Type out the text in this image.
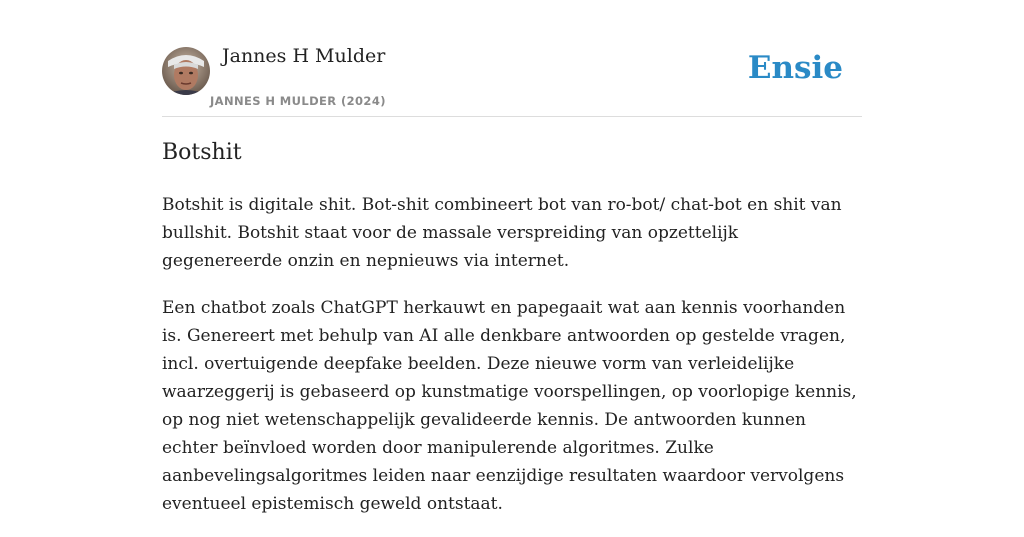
Jannes H Mulder
JANNES H MULDER (2024)
Ensie
Botshit

Botshit is digitale shit. Bot-shit combineert bot van ro-bot/ chat-bot en shit van bullshit. Botshit staat voor de massale verspreiding van opzettelijk gegenereerde onzin en nepnieuws via internet.

Een chatbot zoals ChatGPT herkauwt en papegaait wat aan kennis voorhanden is. Genereert met behulp van AI alle denkbare antwoorden op gestelde vragen, incl. overtuigende deepfake beelden. Deze nieuwe vorm van verleidelijke waarzeggerij is gebaseerd op kunstmatige voorspellingen, op voorlopige kennis, op nog niet wetenschappelijk gevalideerde kennis. De antwoorden kunnen echter beïnvloed worden door manipulerende algoritmes. Zulke aanbevelingsalgoritmes leiden naar eenzijdige resultaten waardoor vervolgens eventueel epistemisch geweld ontstaat.
